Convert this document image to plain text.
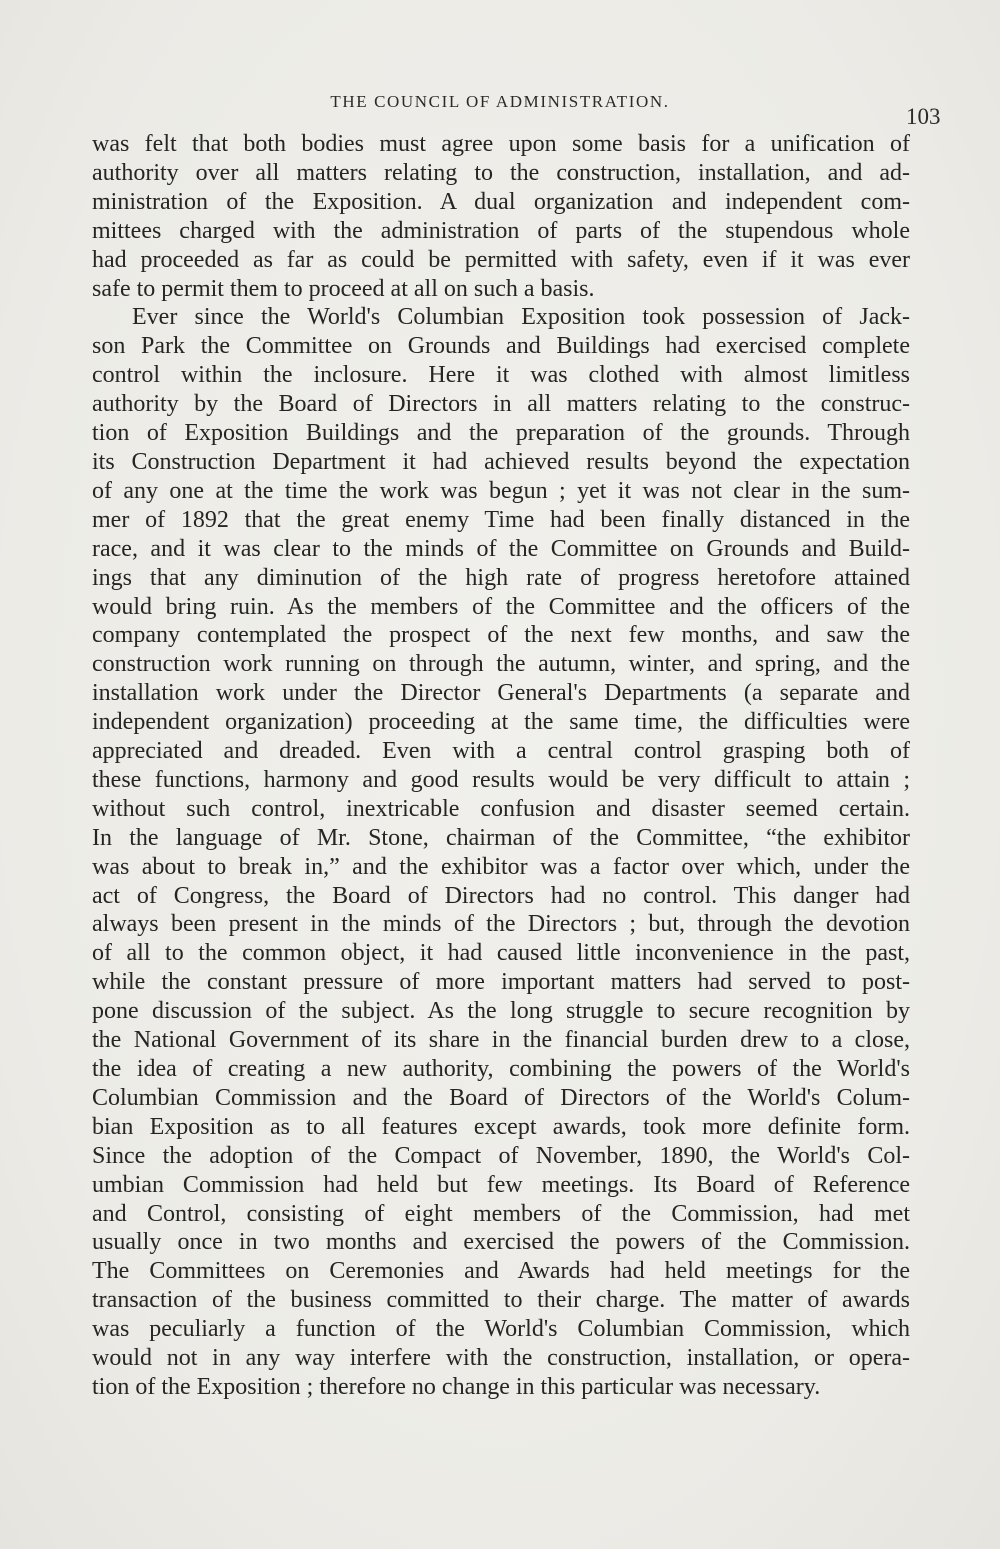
THE COUNCIL OF ADMINISTRATION.
103
was felt that both bodies must agree upon some basis for a unification of
authority over all matters relating to the construction, installation, and ad-
ministration of the Exposition. A dual organization and independent com-
mittees charged with the administration of parts of the stupendous whole
had proceeded as far as could be permitted with safety, even if it was ever
safe to permit them to proceed at all on such a basis.
Ever since the World's Columbian Exposition took possession of Jack-
son Park the Committee on Grounds and Buildings had exercised complete
control within the inclosure. Here it was clothed with almost limitless
authority by the Board of Directors in all matters relating to the construc-
tion of Exposition Buildings and the preparation of the grounds. Through
its Construction Department it had achieved results beyond the expectation
of any one at the time the work was begun ; yet it was not clear in the sum-
mer of 1892 that the great enemy Time had been finally distanced in the
race, and it was clear to the minds of the Committee on Grounds and Build-
ings that any diminution of the high rate of progress heretofore attained
would bring ruin. As the members of the Committee and the officers of the
company contemplated the prospect of the next few months, and saw the
construction work running on through the autumn, winter, and spring, and the
installation work under the Director General's Departments (a separate and
independent organization) proceeding at the same time, the difficulties were
appreciated and dreaded. Even with a central control grasping both of
these functions, harmony and good results would be very difficult to attain ;
without such control, inextricable confusion and disaster seemed certain.
In the language of Mr. Stone, chairman of the Committee, “the exhibitor
was about to break in,” and the exhibitor was a factor over which, under the
act of Congress, the Board of Directors had no control. This danger had
always been present in the minds of the Directors ; but, through the devotion
of all to the common object, it had caused little inconvenience in the past,
while the constant pressure of more important matters had served to post-
pone discussion of the subject. As the long struggle to secure recognition by
the National Government of its share in the financial burden drew to a close,
the idea of creating a new authority, combining the powers of the World's
Columbian Commission and the Board of Directors of the World's Colum-
bian Exposition as to all features except awards, took more definite form.
Since the adoption of the Compact of November, 1890, the World's Col-
umbian Commission had held but few meetings. Its Board of Reference
and Control, consisting of eight members of the Commission, had met
usually once in two months and exercised the powers of the Commission.
The Committees on Ceremonies and Awards had held meetings for the
transaction of the business committed to their charge. The matter of awards
was peculiarly a function of the World's Columbian Commission, which
would not in any way interfere with the construction, installation, or opera-
tion of the Exposition ; therefore no change in this particular was necessary.
